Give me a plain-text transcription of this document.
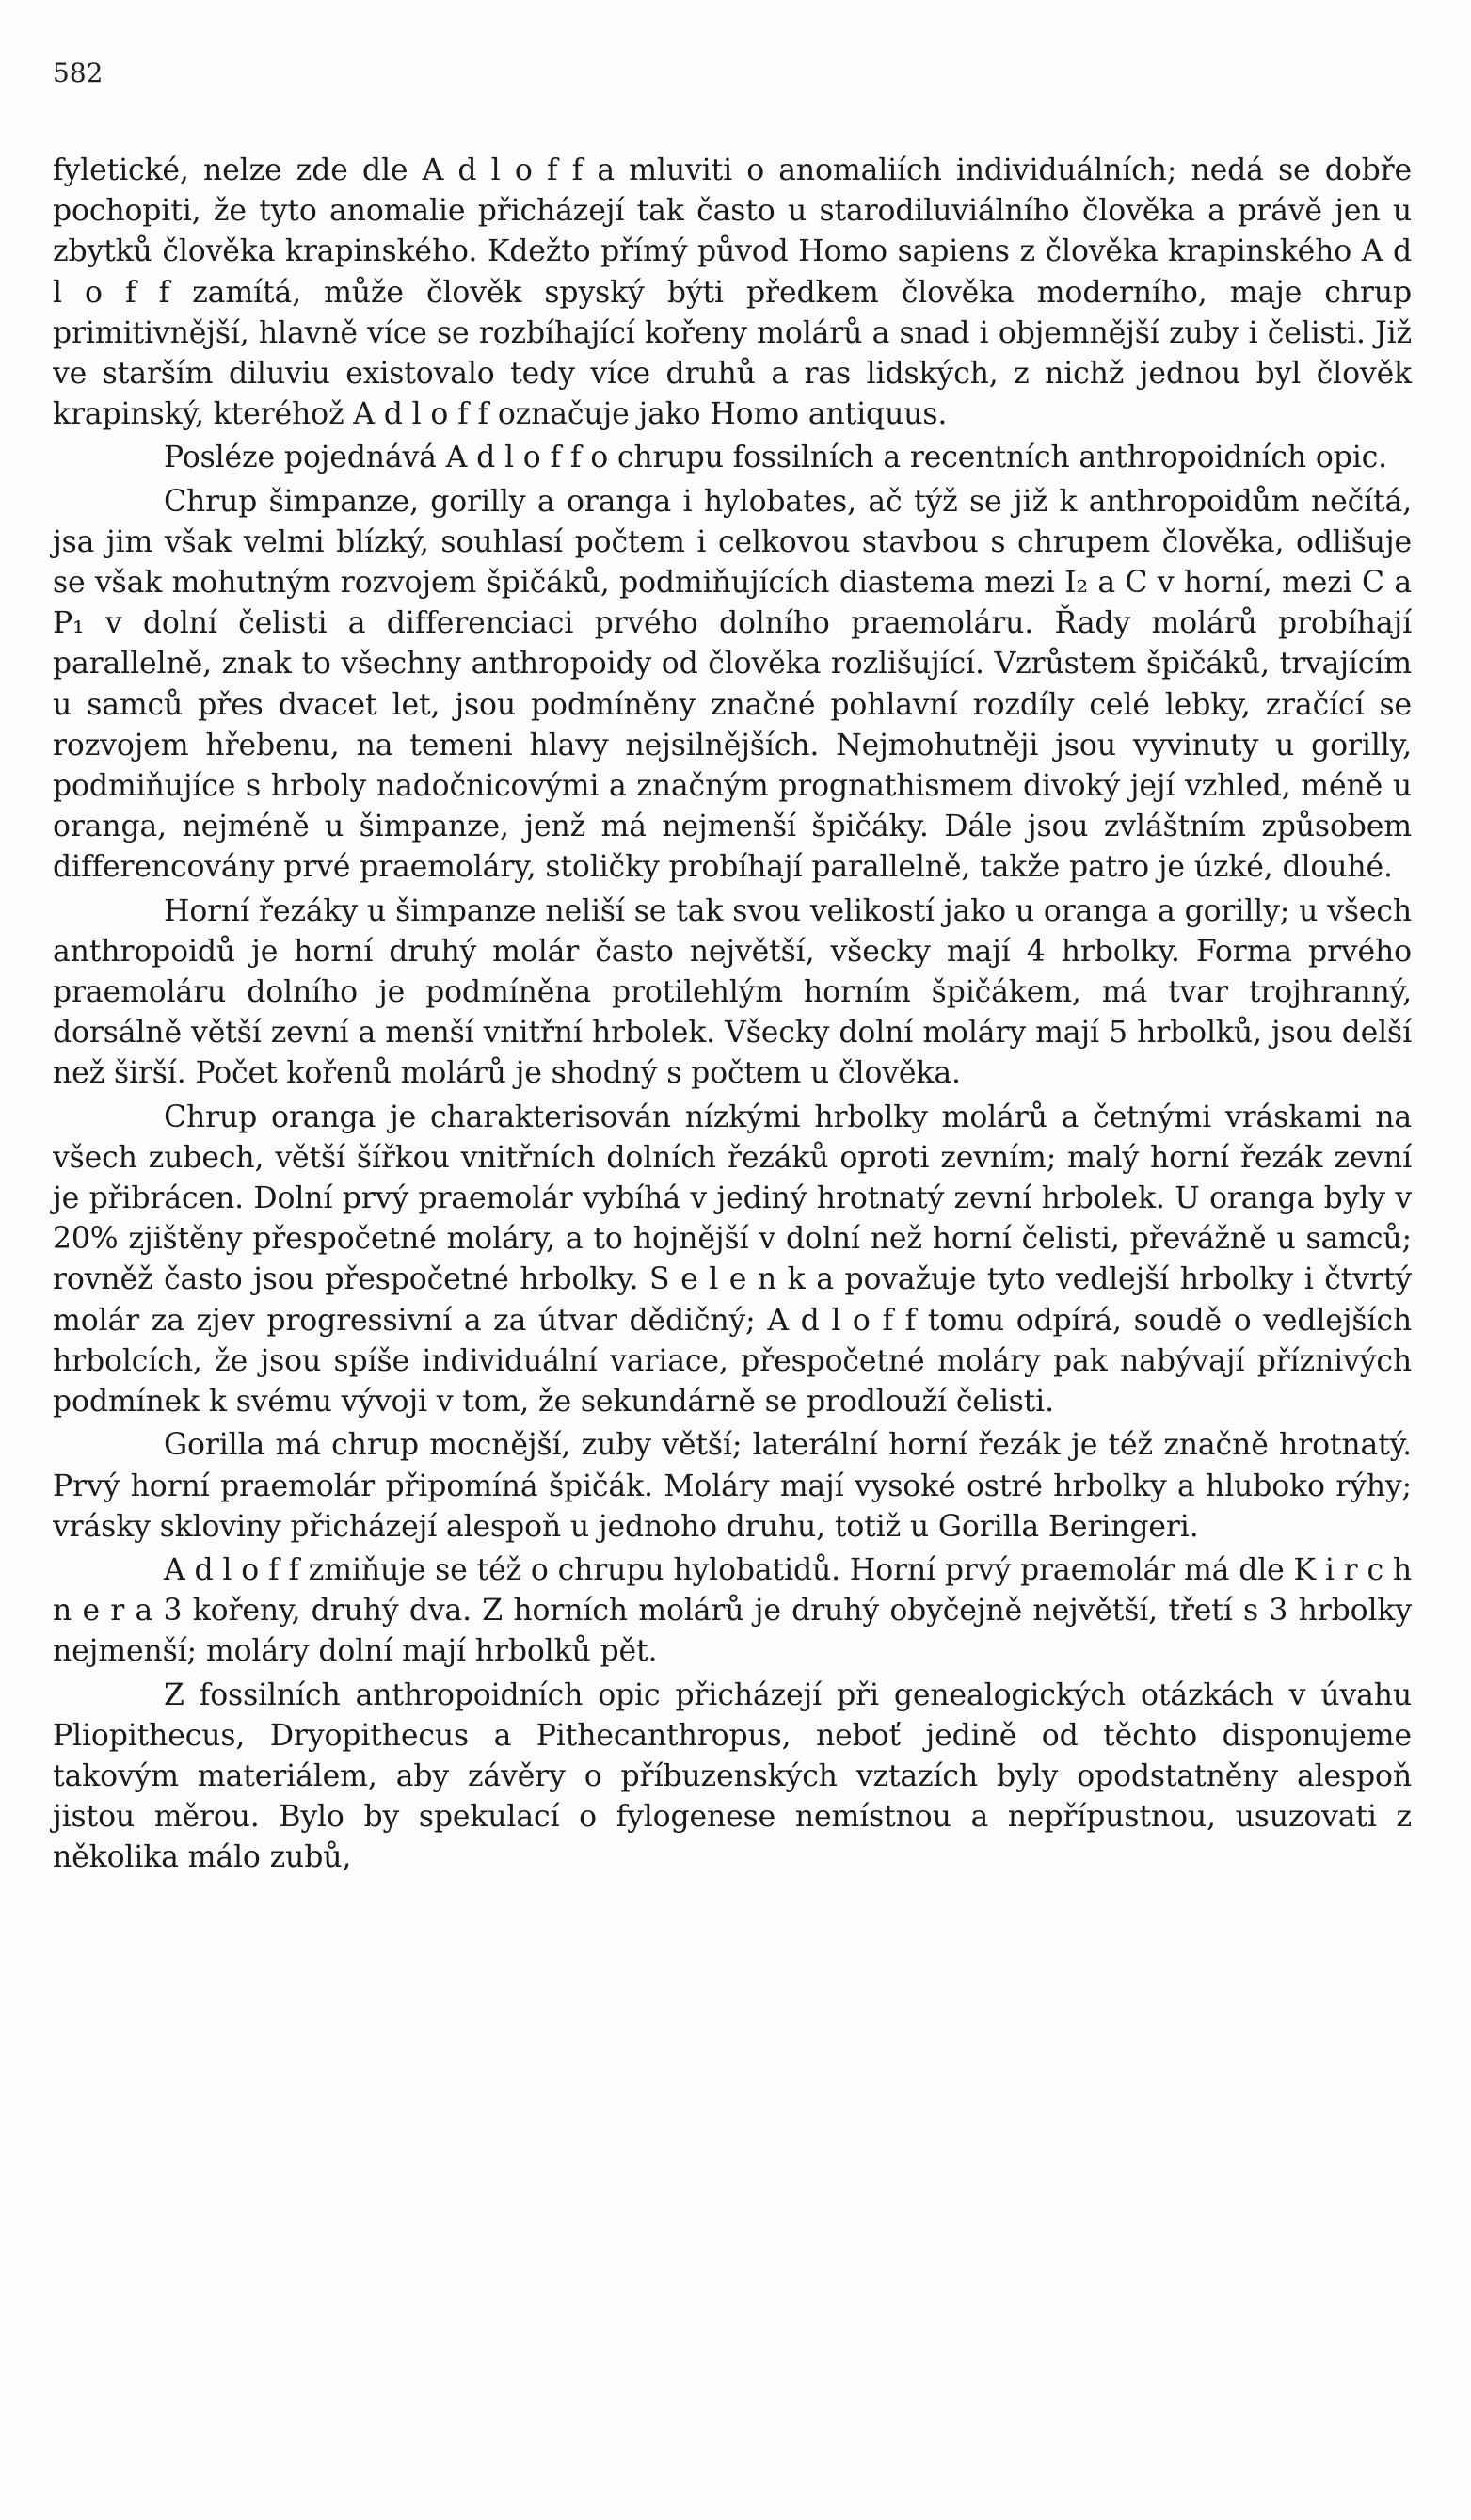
582

fyletické, nelze zde dle A d l o f f a mluviti o anomaliích individuálních; nedá se dobře pochopiti, že tyto anomalie přicházejí tak často u starodiluviálního člověka a právě jen u zbytků člověka krapinského. Kdežto přímý původ Homo sapiens z člověka krapinského A d l o f f zamítá, může člověk spyský býti předkem člověka moderního, maje chrup primitivnější, hlavně více se rozbíhající kořeny molárů a snad i objemnější zuby i čelisti. Již ve starším diluviu existovalo tedy více druhů a ras lidských, z nichž jednou byl člověk krapinský, kteréhož A d l o f f označuje jako Homo antiquus.

Posléze pojednává A d l o f f o chrupu fossilních a recentních anthropoidních opic.

Chrup šimpanze, gorilly a oranga i hylobates, ač týž se již k anthropoidům nečítá, jsa jim však velmi blízký, souhlasí počtem i celkovou stavbou s chrupem člověka, odlišuje se však mohutným rozvojem špičáků, podmiňujících diastema mezi I₂ a C v horní, mezi C a P₁ v dolní čelisti a differenciaci prvého dolního praemoláru. Řady molárů probíhají parallelně, znak to všechny anthropoidy od člověka rozlišující. Vzrůstem špičáků, trvajícím u samců přes dvacet let, jsou podmíněny značné pohlavní rozdíly celé lebky, zračící se rozvojem hřebenu, na temeni hlavy nejsilnějších. Nejmohutněji jsou vyvinuty u gorilly, podmiňujíce s hrboly nadočnicovými a značným prognathismem divoký její vzhled, méně u oranga, nejméně u šimpanze, jenž má nejmenší špičáky. Dále jsou zvláštním způsobem differencovány prvé praemoláry, stoličky probíhají parallelně, takže patro je úzké, dlouhé.

Horní řezáky u šimpanze neliší se tak svou velikostí jako u oranga a gorilly; u všech anthropoidů je horní druhý molár často největší, všecky mají 4 hrbolky. Forma prvého praemoláru dolního je podmíněna protilehlým horním špičákem, má tvar trojhranný, dorsálně větší zevní a menší vnitřní hrbolek. Všecky dolní moláry mají 5 hrbolků, jsou delší než širší. Počet kořenů molárů je shodný s počtem u člověka.

Chrup oranga je charakterisován nízkými hrbolky molárů a četnými vráskami na všech zubech, větší šířkou vnitřních dolních řezáků oproti zevním; malý horní řezák zevní je přibrácen. Dolní prvý praemolár vybíhá v jediný hrotnatý zevní hrbolek. U oranga byly v 20% zjištěny přespočetné moláry, a to hojnější v dolní než horní čelisti, převážně u samců; rovněž často jsou přespočetné hrbolky. S e l e n k a považuje tyto vedlejší hrbolky i čtvrtý molár za zjev progressivní a za útvar dědičný; A d l o f f tomu odpírá, soudě o vedlejších hrbolcích, že jsou spíše individuální variace, přespočetné moláry pak nabývají příznivých podmínek k svému vývoji v tom, že sekundárně se prodlouží čelisti.

Gorilla má chrup mocnější, zuby větší; laterální horní řezák je též značně hrotnatý. Prvý horní praemolár připomíná špičák. Moláry mají vysoké ostré hrbolky a hluboko rýhy; vrásky skloviny přicházejí alespoň u jednoho druhu, totiž u Gorilla Beringeri.

A d l o f f zmiňuje se též o chrupu hylobatidů. Horní prvý praemolár má dle K i r c h n e r a 3 kořeny, druhý dva. Z horních molárů je druhý obyčejně největší, třetí s 3 hrbolky nejmenší; moláry dolní mají hrbolků pět.

Z fossilních anthropoidních opic přicházejí při genealogických otázkách v úvahu Pliopithecus, Dryopithecus a Pithecanthropus, neboť jedině od těchto disponujeme takovým materiálem, aby závěry o příbuzenských vztazích byly opodstatněny alespoň jistou měrou. Bylo by spekulací o fylogenese nemístnou a nepřípustnou, usuzovati z několika málo zubů,
